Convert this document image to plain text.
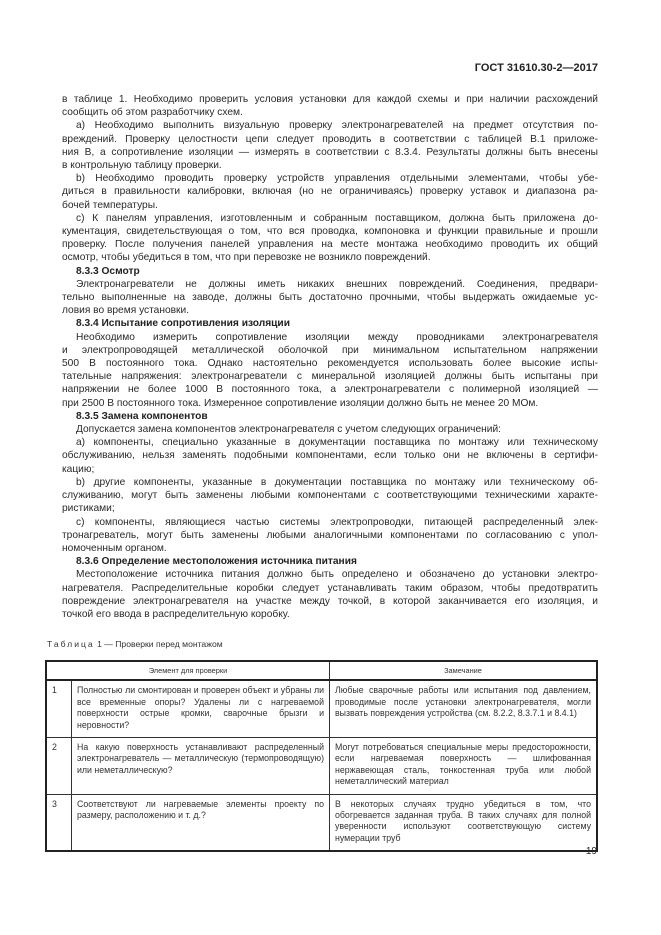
ГОСТ 31610.30-2—2017
в таблице 1. Необходимо проверить условия установки для каждой схемы и при наличии расхождений
сообщить об этом разработчику схем.
а) Необходимо выполнить визуальную проверку электронагревателей на предмет отсутствия по-
вреждений. Проверку целостности цепи следует проводить в соответствии с таблицей В.1 приложе-
ния В, а сопротивление изоляции — измерять в соответствии с 8.3.4. Результаты должны быть внесены
в контрольную таблицу проверки.
b) Необходимо проводить проверку устройств управления отдельными элементами, чтобы убе-
диться в правильности калибровки, включая (но не ограничиваясь) проверку уставок и диапазона ра-
бочей температуры.
с) К панелям управления, изготовленным и собранным поставщиком, должна быть приложена до-
кументация, свидетельствующая о том, что вся проводка, компоновка и функции правильные и прошли
проверку. После получения панелей управления на месте монтажа необходимо проводить их общий
осмотр, чтобы убедиться в том, что при перевозке не возникло повреждений.
8.3.3 Осмотр
Электронагреватели не должны иметь никаких внешних повреждений. Соединения, предвари-
тельно выполненные на заводе, должны быть достаточно прочными, чтобы выдержать ожидаемые ус-
ловия во время установки.
8.3.4 Испытание сопротивления изоляции
Необходимо измерить сопротивление изоляции между проводниками электронагревателя
и электропроводящей металлической оболочкой при минимальном испытательном напряжении
500 В постоянного тока. Однако настоятельно рекомендуется использовать более высокие испы-
тательные напряжения: электронагреватели с минеральной изоляцией должны быть испытаны при
напряжении не более 1000 В постоянного тока, а электронагреватели с полимерной изоляцией —
при 2500 В постоянного тока. Измеренное сопротивление изоляции должно быть не менее 20 МОм.
8.3.5 Замена компонентов
Допускается замена компонентов электронагревателя с учетом следующих ограничений:
а) компоненты, специально указанные в документации поставщика по монтажу или техническому
обслуживанию, нельзя заменять подобными компонентами, если только они не включены в сертифи-
кацию;
b) другие компоненты, указанные в документации поставщика по монтажу или техническому об-
служиванию, могут быть заменены любыми компонентами с соответствующими техническими характе-
ристиками;
с) компоненты, являющиеся частью системы электропроводки, питающей распределенный элек-
тронагреватель, могут быть заменены любыми аналогичными компонентами по согласованию с упол-
номоченным органом.
8.3.6 Определение местоположения источника питания
Местоположение источника питания должно быть определено и обозначено до установки электро-
нагревателя. Распределительные коробки следует устанавливать таким образом, чтобы предотвратить
повреждение электронагревателя на участке между точкой, в которой заканчивается его изоляция, и
точкой его ввода в распределительную коробку.
Таблица 1 — Проверки перед монтажом
Элемент для проверки		Замечание
1	Полностью ли смонтирован и проверен объект и убраны ли все временные опоры? Удалены ли с нагреваемой поверхности острые кромки, сварочные брызги и неровности?	Любые сварочные работы или испытания под давлением, проводимые после установки электронагревателя, могли вызвать повреждения устройства (см. 8.2.2, 8.3.7.1 и 8.4.1)
2	На какую поверхность устанавливают распределенный электронагреватель — металлическую (термопроводящую) или неметаллическую?	Могут потребоваться специальные меры предосторожности, если нагреваемая поверхность — шлифованная нержавеющая сталь, тонкостенная труба или любой неметаллический материал
3	Соответствуют ли нагреваемые элементы проекту по размеру, расположению и т. д.?	В некоторых случаях трудно убедиться в том, что обогревается заданная труба. В таких случаях для полной уверенности используют соответствующую систему нумерации труб
19
